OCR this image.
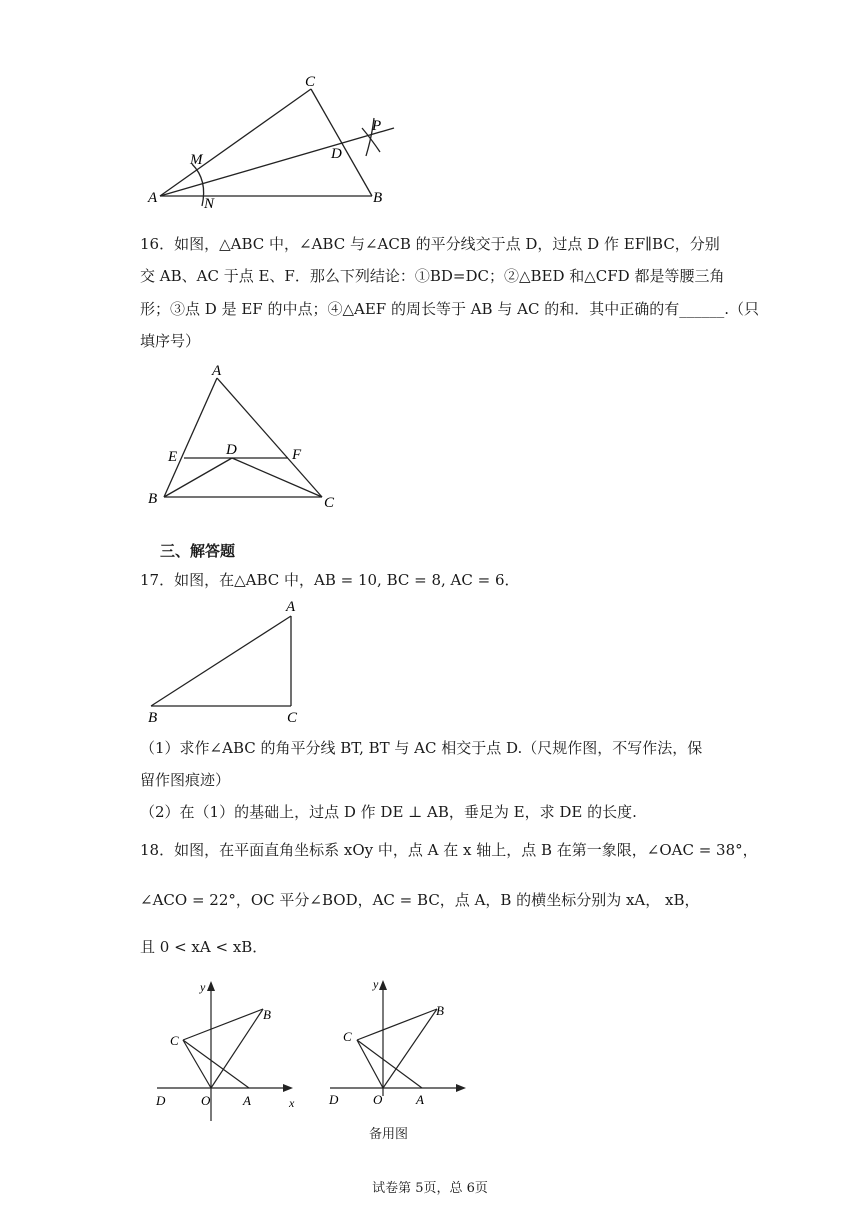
C
P
M	D
A	N	B
16．如图，△ABC 中，∠ABC 与∠ACB 的平分线交于点 D，过点 D 作 EF∥BC，分别
交 AB、AC 于点 E、F．那么下列结论：①BD=DC；②△BED 和△CFD 都是等腰三角
形；③点 D 是 EF 的中点；④△AEF 的周长等于 AB 与 AC 的和．其中正确的有______.（只
填序号）
A
E	D	F
B	C
三、解答题
17．如图，在△ABC 中，AB = 10, BC = 8, AC = 6．
A
B	C
（1）求作∠ABC 的角平分线 BT, BT 与 AC 相交于点 D.（尺规作图，不写作法，保
留作图痕迹）
（2）在（1）的基础上，过点 D 作 DE ⊥ AB，垂足为 E，求 DE 的长度.
18．如图，在平面直角坐标系 xOy 中，点 A 在 x 轴上，点 B 在第一象限，∠OAC = 38°，
∠ACO = 22°，OC 平分∠BOD，AC = BC，点 A，B 的横坐标分别为 xA， xB，
且 0 < xA < xB．
y
B
C
D	O	A	x
y
B
C
D	O	A
备用图
试卷第 5页，总 6页
